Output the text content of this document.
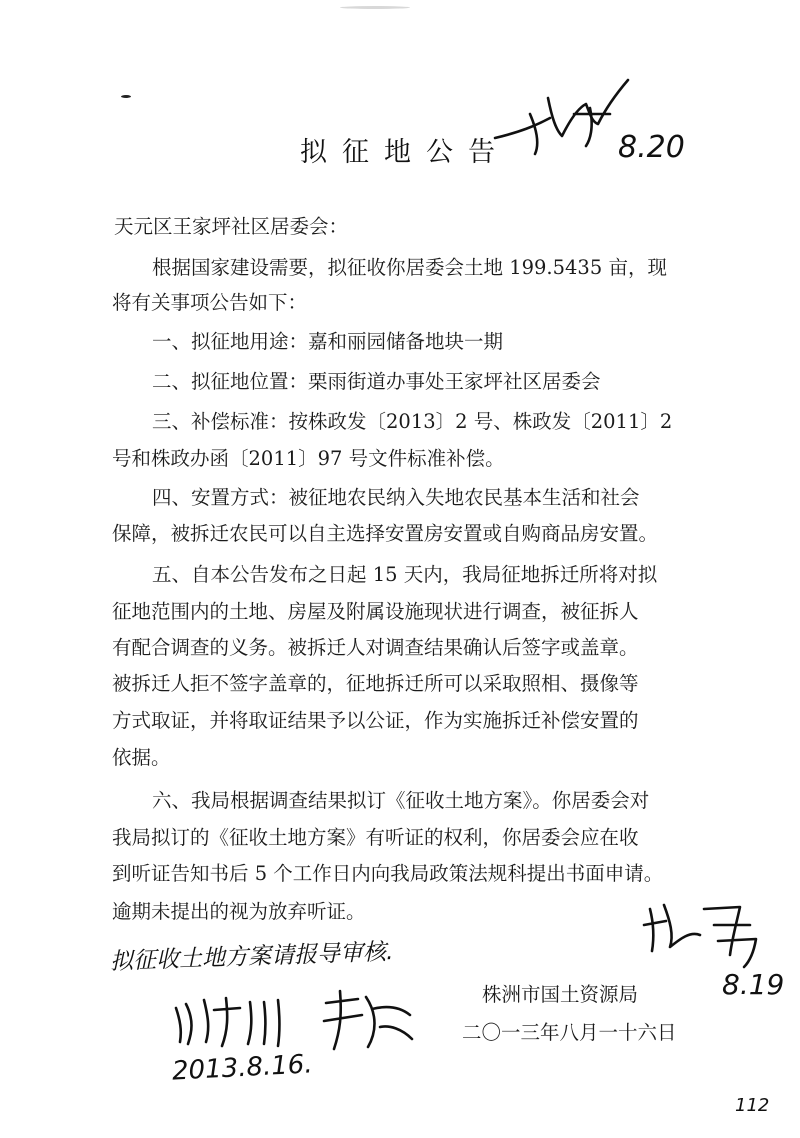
8.20
拟征地公告
天元区王家坪社区居委会：
根据国家建设需要，拟征收你居委会土地 199.5435 亩，现
将有关事项公告如下：
一、拟征地用途：嘉和丽园储备地块一期
二、拟征地位置：栗雨街道办事处王家坪社区居委会
三、补偿标准：按株政发〔2013〕2 号、株政发〔2011〕2
号和株政办函〔2011〕97 号文件标准补偿。
四、安置方式：被征地农民纳入失地农民基本生活和社会
保障，被拆迁农民可以自主选择安置房安置或自购商品房安置。
五、自本公告发布之日起 15 天内，我局征地拆迁所将对拟
征地范围内的土地、房屋及附属设施现状进行调查，被征拆人
有配合调查的义务。被拆迁人对调查结果确认后签字或盖章。
被拆迁人拒不签字盖章的，征地拆迁所可以采取照相、摄像等
方式取证，并将取证结果予以公证，作为实施拆迁补偿安置的
依据。
六、我局根据调查结果拟订《征收土地方案》。你居委会对
我局拟订的《征收土地方案》有听证的权利，你居委会应在收
到听证告知书后 5 个工作日内向我局政策法规科提出书面申请。
逾期未提出的视为放弃听证。
拟征收土地方案请报导审核.
8.19
株洲市国土资源局
二〇一三年八月一十六日
2013.8.16.
112
